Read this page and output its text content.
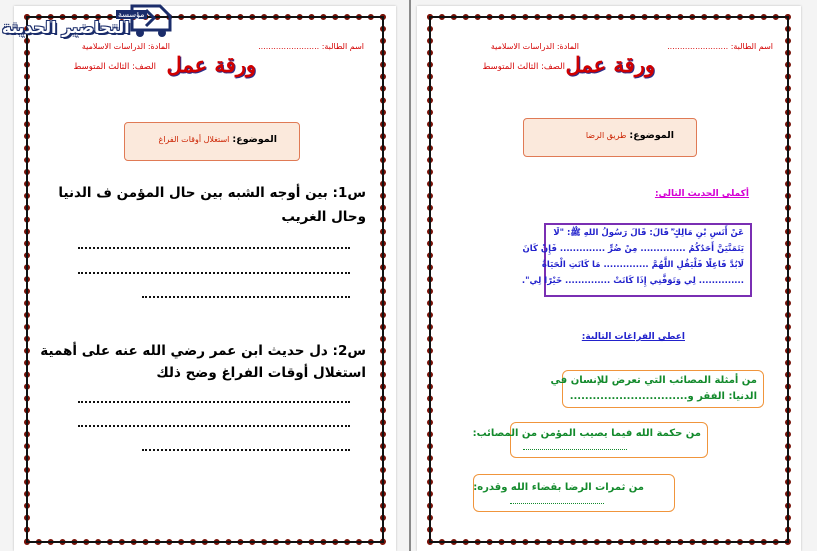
اسم الطالبة: ........................
المادة: الدراسات الاسلامية
ورقة عمل
الصف: الثالث المتوسط
الموضوع: استغلال أوقات الفراغ
س1: بين أوجه الشبه بين حال المؤمن ف الدنيا
وحال الغريب
س2: دل حديث ابن عمر رضي الله عنه على أهمية
استغلال أوقات الفراغ وضح ذلك
اسم الطالبة: ........................
المادة: الدراسات الاسلامية
ورقة عمل
الصف: الثالث المتوسط
الموضوع: طريق الرضا
أكملي الحديث التالي:
عَنْ أَنَسِ بْنِ مَالِكٍ ؓ قَالَ: قَالَ رَسُولُ اللهِ ﷺ: "لَا
يَتَمَنَّيَنَّ أَحَدُكُمُ .............. مِنْ ضُرٍّ .............. فَإِنْ كَانَ
لَابُدَّ فَاعِلًا فَلْيَقُلِ اللَّهُمَّ .............. مَا كَانَتِ الْحَيَاةُ
.............. لِي وَتَوَفَّنِي إِذَا كَانَتْ .............. خَيْرًا لِي".
اعطي الفراغات التالية:
من أمثلة المصائب التي تعرض للإنسان في
الدنيا: الفقر و...............................
من حكمة الله فيما يصيب المؤمن من المصائب:
من ثمرات الرضا بقضاء الله وقدره:
مؤسسة
التحاضير الحديثة
